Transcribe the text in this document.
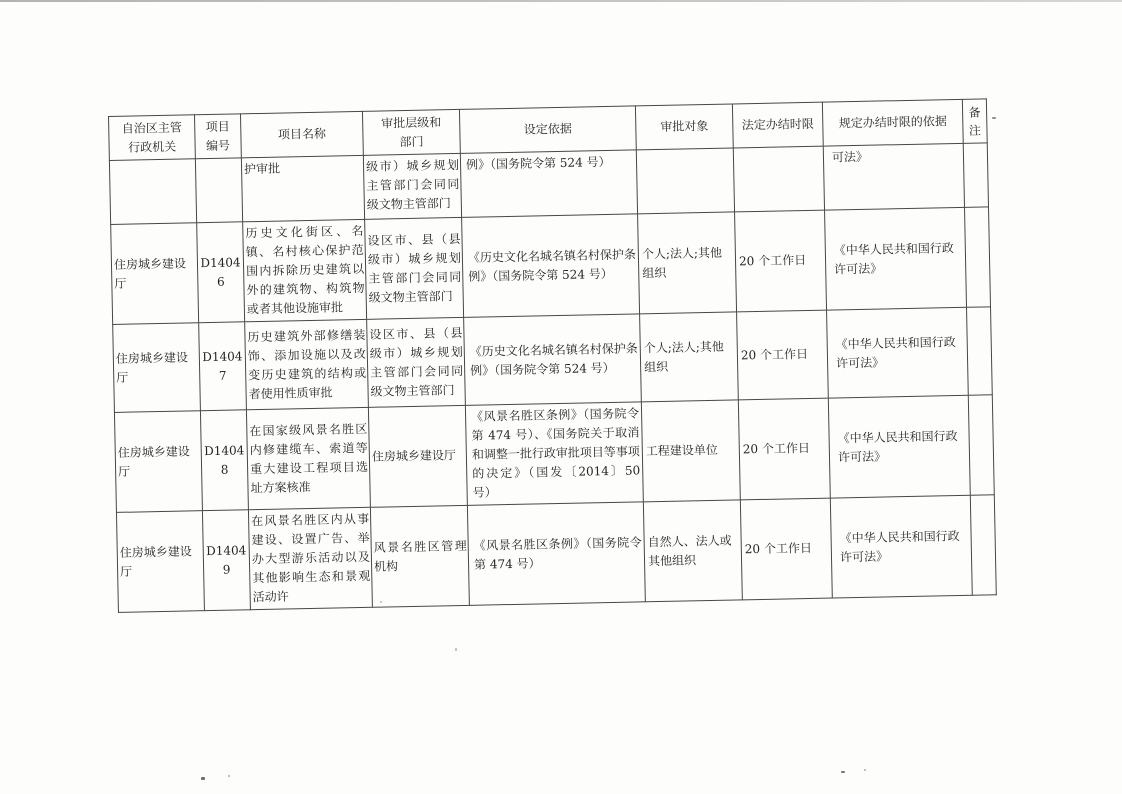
自治区主管行政机关	项目编号	项目名称	审批层级和部门	设定依据	审批对象	法定办结时限	规定办结时限的依据	备注
		护审批	级市）城乡规划主管部门会同同级文物主管部门	例》（国务院令第 524 号）			可法》	
住房城乡建设厅	D14046	历史文化街区、名镇、名村核心保护范围内拆除历史建筑以外的建筑物、构筑物或者其他设施审批	设区市、县（县级市）城乡规划主管部门会同同级文物主管部门	《历史文化名城名镇名村保护条例》（国务院令第 524 号）	个人;法人;其他组织	20 个工作日	《中华人民共和国行政许可法》	
住房城乡建设厅	D14047	历史建筑外部修缮装饰、添加设施以及改变历史建筑的结构或者使用性质审批	设区市、县（县级市）城乡规划主管部门会同同级文物主管部门	《历史文化名城名镇名村保护条例》（国务院令第 524 号）	个人;法人;其他组织	20 个工作日	《中华人民共和国行政许可法》	
住房城乡建设厅	D14048	在国家级风景名胜区内修建缆车、索道等重大建设工程项目选址方案核准	住房城乡建设厅	《风景名胜区条例》（国务院令第 474 号）、《国务院关于取消和调整一批行政审批项目等事项的决定》（国发〔2014〕50 号）	工程建设单位	20 个工作日	《中华人民共和国行政许可法》	
住房城乡建设厅	D14049	在风景名胜区内从事建设、设置广告、举办大型游乐活动以及其他影响生态和景观活动许	风景名胜区管理机构	《风景名胜区条例》（国务院令第 474 号）	自然人、法人或其他组织	20 个工作日	《中华人民共和国行政许可法》	
